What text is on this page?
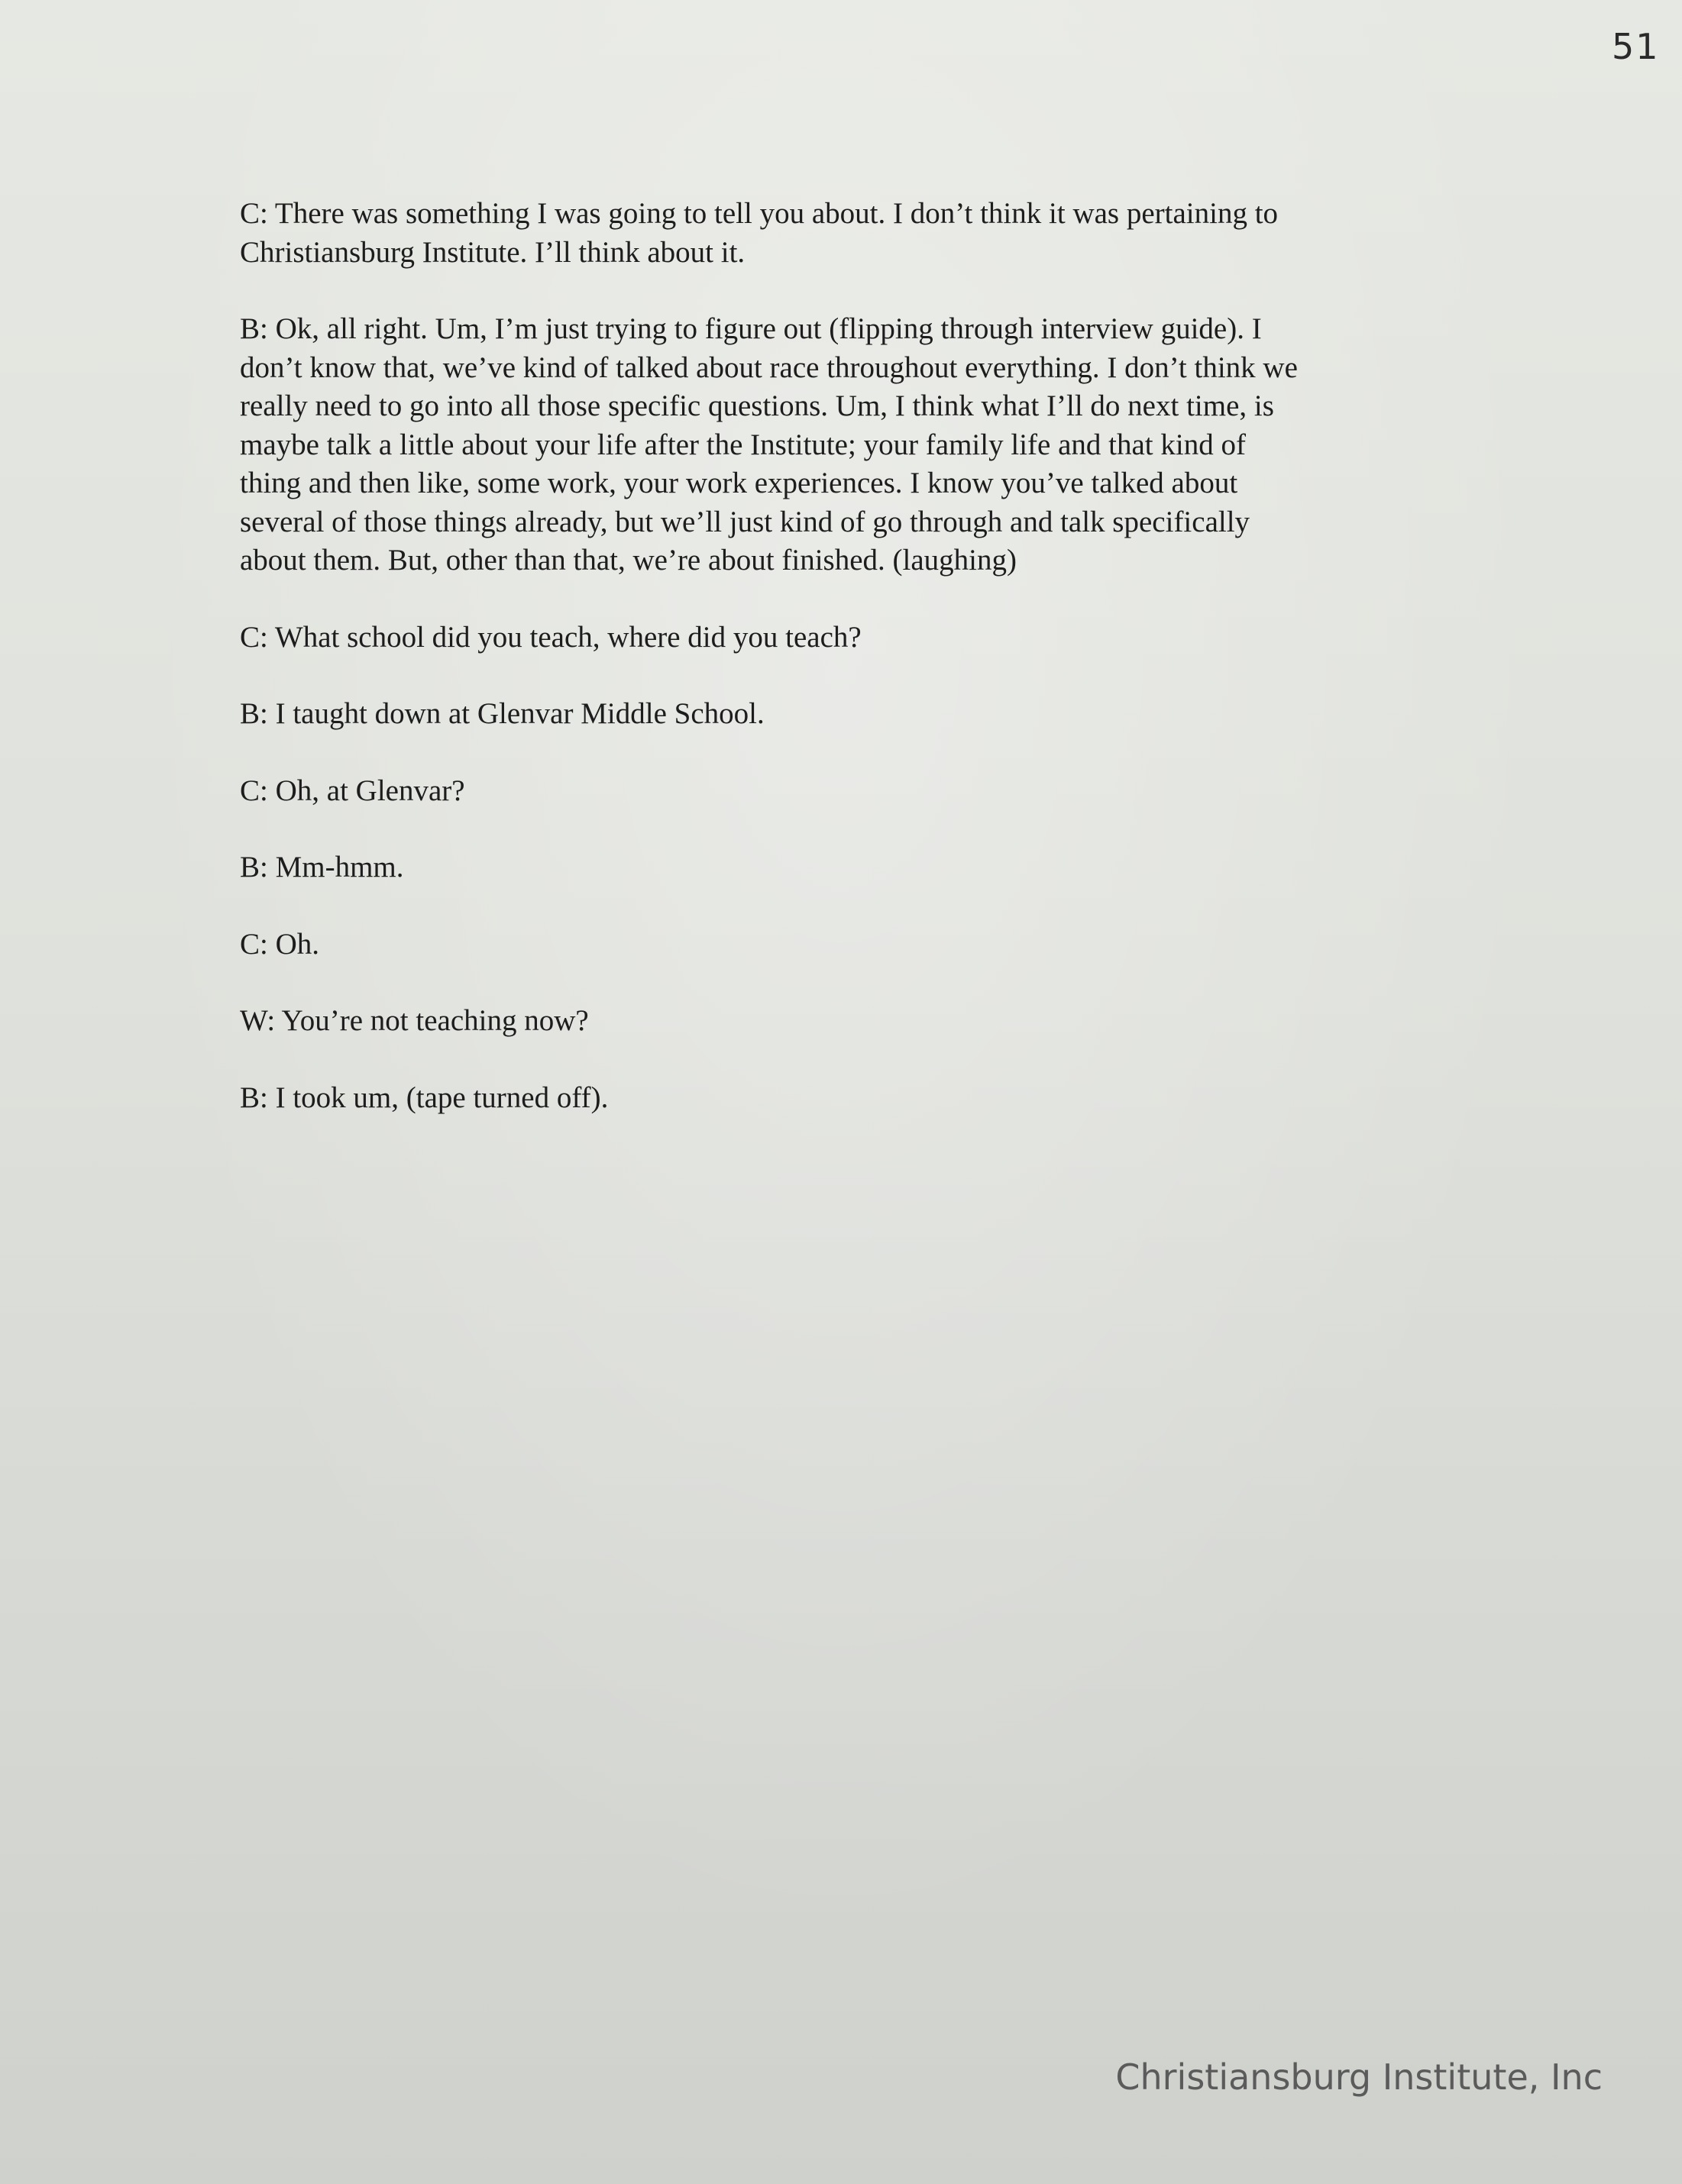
51
C: There was something I was going to tell you about. I don’t think it was pertaining to
Christiansburg Institute. I’ll think about it.
B: Ok, all right. Um, I’m just trying to figure out (flipping through interview guide). I
don’t know that, we’ve kind of talked about race throughout everything. I don’t think we
really need to go into all those specific questions. Um, I think what I’ll do next time, is
maybe talk a little about your life after the Institute; your family life and that kind of
thing and then like, some work, your work experiences. I know you’ve talked about
several of those things already, but we’ll just kind of go through and talk specifically
about them. But, other than that, we’re about finished. (laughing)
C: What school did you teach, where did you teach?
B: I taught down at Glenvar Middle School.
C: Oh, at Glenvar?
B: Mm-hmm.
C: Oh.
W: You’re not teaching now?
B: I took um, (tape turned off).
Christiansburg Institute, Inc
